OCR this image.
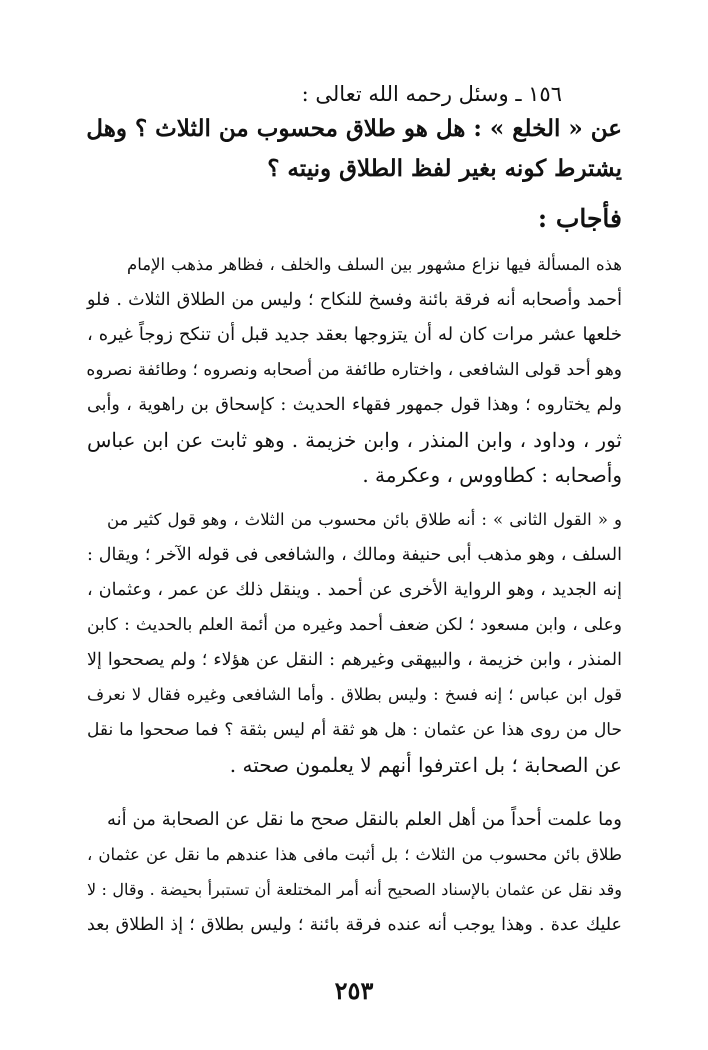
١٥٦ ـ وسئل رحمه الله تعالى :
عن « الخلع » : هل هو طلاق محسوب من الثلاث ؟ وهل
يشترط كونه بغير لفظ الطلاق ونيته ؟
فأجاب :
هذه المسألة فيها نزاع مشهور بين السلف والخلف ، فظاهر مذهب الإمام
أحمد وأصحابه أنه فرقة بائنة وفسخ للنكاح ؛ وليس من الطلاق الثلاث . فلو
خلعها عشر مرات كان له أن يتزوجها بعقد جديد قبل أن تنكح زوجاً غيره ،
وهو أحد قولى الشافعى ، واختاره طائفة من أصحابه ونصروه ؛ وطائفة نصروه
ولم يختاروه ؛ وهذا قول جمهور فقهاء الحديث : كإسحاق بن راهوية ، وأبى
ثور ، وداود ، وابن المنذر ، وابن خزيمة . وهو ثابت عن ابن عباس
وأصحابه : كطاووس ، وعكرمة .
و « القول الثانى » : أنه طلاق بائن محسوب من الثلاث ، وهو قول كثير من
السلف ، وهو مذهب أبى حنيفة ومالك ، والشافعى فى قوله الآخر ؛ ويقال :
إنه الجديد ، وهو الرواية الأخرى عن أحمد . وينقل ذلك عن عمر ، وعثمان ،
وعلى ، وابن مسعود ؛ لكن ضعف أحمد وغيره من أئمة العلم بالحديث : كابن
المنذر ، وابن خزيمة ، والبيهقى وغيرهم : النقل عن هؤلاء ؛ ولم يصححوا إلا
قول ابن عباس ؛ إنه فسخ : وليس بطلاق . وأما الشافعى وغيره فقال لا نعرف
حال من روى هذا عن عثمان : هل هو ثقة أم ليس بثقة ؟ فما صححوا ما نقل
عن الصحابة ؛ بل اعترفوا أنهم لا يعلمون صحته .
وما علمت أحداً من أهل العلم بالنقل صحح ما نقل عن الصحابة من أنه
طلاق بائن محسوب من الثلاث ؛ بل أثبت مافى هذا عندهم ما نقل عن عثمان ،
وقد نقل عن عثمان بالإسناد الصحيح أنه أمر المختلعة أن تستبرأ بحيضة . وقال : لا
عليك عدة . وهذا يوجب أنه عنده فرقة بائنة ؛ وليس بطلاق ؛ إذ الطلاق بعد
٢٥٣
